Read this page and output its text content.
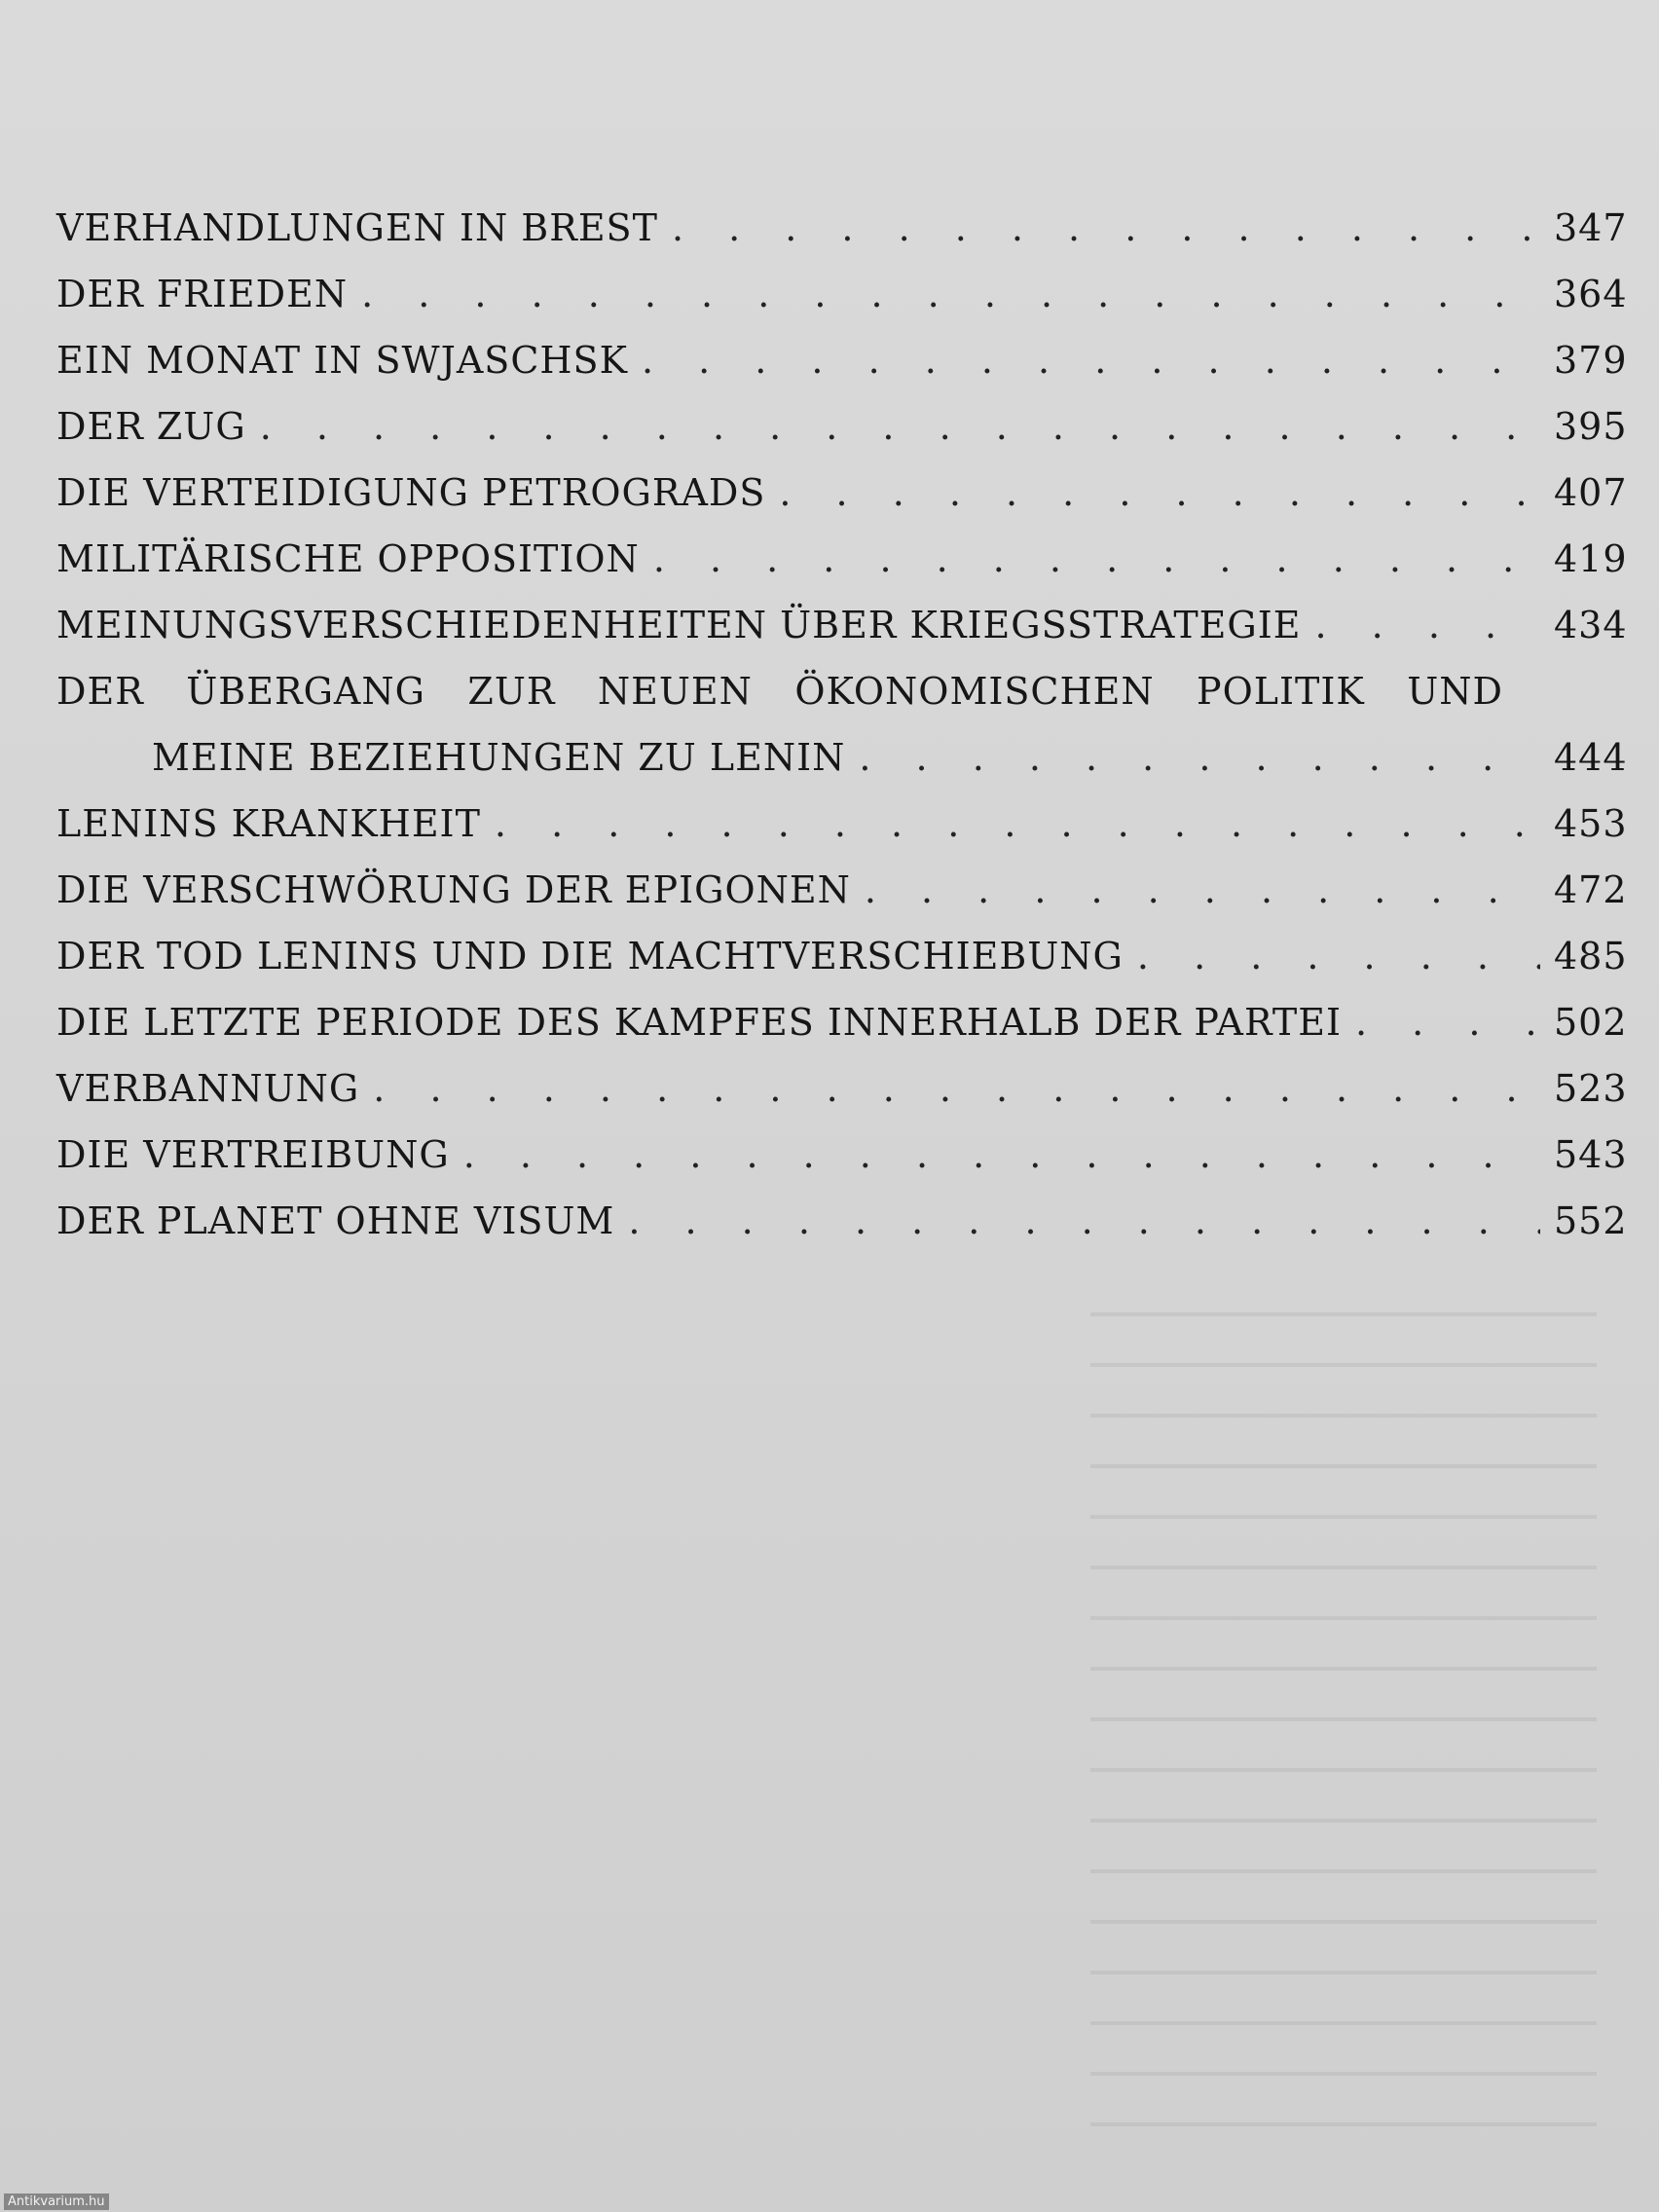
VERHANDLUNGEN IN BREST . . .	347
DER FRIEDEN . . .	364
EIN MONAT IN SWJASCHSK . . .	379
DER ZUG . . .	395
DIE VERTEIDIGUNG PETROGRADS . . .	407
MILITÄRISCHE OPPOSITION . . .	419
MEINUNGSVERSCHIEDENHEITEN ÜBER KRIEGSSTRATEGIE . . .	434
DER ÜBERGANG ZUR NEUEN ÖKONOMISCHEN POLITIK UND
MEINE BEZIEHUNGEN ZU LENIN . . .	444
LENINS KRANKHEIT . . .	453
DIE VERSCHWÖRUNG DER EPIGONEN . . .	472
DER TOD LENINS UND DIE MACHTVERSCHIEBUNG . . .	485
DIE LETZTE PERIODE DES KAMPFES INNERHALB DER PARTEI . . .	502
VERBANNUNG . . .	523
DIE VERTREIBUNG . . .	543
DER PLANET OHNE VISUM . . .	552
Antikvarium.hu
